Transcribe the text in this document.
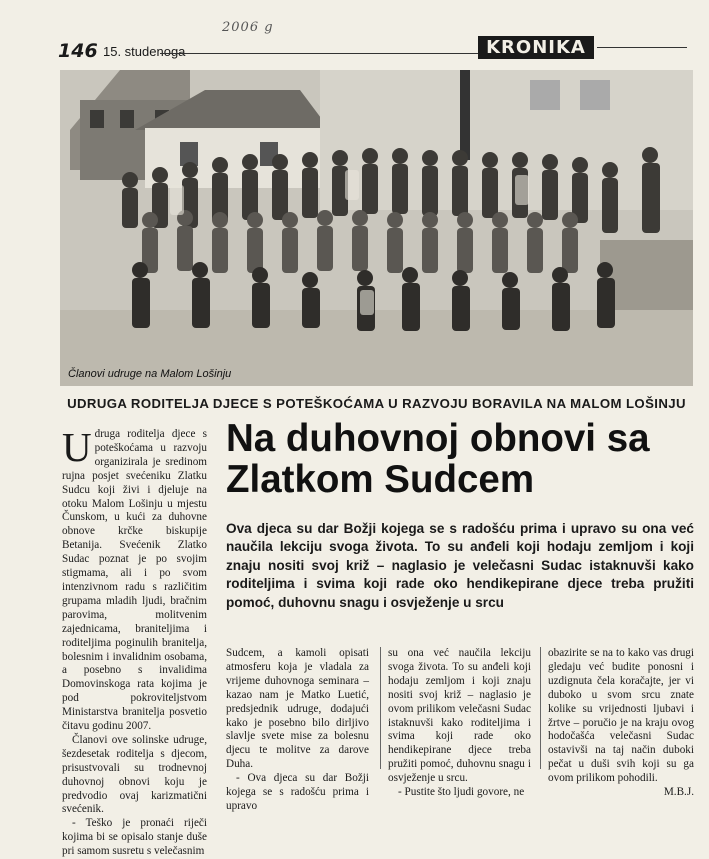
2006 g
146 15. studenoga	KRONIKA
Članovi udruge na Malom Lošinju
UDRUGA RODITELJA DJECE S POTEŠKOĆAMA U RAZVOJU BORAVILA NA MALOM LOŠINJU

Udruga roditelja djece s poteškoćama u razvoju organizirala je sredinom rujna posjet svećeniku Zlatku Sudcu koji živi i djeluje na otoku Malom Lošinju u mjestu Čunskom, u kući za duhovne obnove krčke biskupije Betanija. Svećenik Zlatko Sudac poznat je po svojim stigmama, ali i po svom intenzivnom radu s različitim grupama mladih ljudi, bračnim parovima, molitvenim zajednicama, braniteljima i roditeljima poginulih branitelja, bolesnim i invalidnim osobama, a posebno s invalidima Domovinskoga rata kojima je pod pokroviteljstvom Ministarstva branitelja posvetio čitavu godinu 2007.

Članovi ove solinske udruge, šezdesetak roditelja s djecom, prisustvovali su trodnevnoj duhovnoj obnovi koju je predvodio ovaj karizmatični svećenik.

- Teško je pronaći riječi kojima bi se opisalo stanje duše pri samom susretu s velečasnim

Na duhovnoj obnovi sa Zlatkom Sudcem
Ova djeca su dar Božji kojega se s radošću prima i upravo su ona već naučila lekciju svoga života. To su anđeli koji hodaju zemljom i koji znaju nositi svoj križ – naglasio je velečasni Sudac istaknuvši kako roditeljima i svima koji rade oko hendikepirane djece treba pružiti pomoć, duhovnu snagu i osvježenje u srcu

Sudcem, a kamoli opisati atmosferu koja je vladala za vrijeme duhovnoga seminara – kazao nam je Matko Luetić, predsjednik udruge, dodajući kako je posebno bilo dirljivo slavlje svete mise za bolesnu djecu te molitve za darove Duha.

- Ova djeca su dar Božji kojega se s radošću prima i upravo

su ona već naučila lekciju svoga života. To su anđeli koji hodaju zemljom i koji znaju nositi svoj križ – naglasio je ovom prilikom velečasni Sudac istaknuvši kako roditeljima i svima koji rade oko hendikepirane djece treba pružiti pomoć, duhovnu snagu i osvježenje u srcu.

- Pustite što ljudi govore, ne

obazirite se na to kako vas drugi gledaju već budite ponosni i uzdignuta čela koračajte, jer vi duboko u svom srcu znate kolike su vrijednosti ljubavi i žrtve – poručio je na kraju ovog hodočašća velečasni Sudac ostavivši na taj način duboki pečat u duši svih koji su ga ovom prilikom pohodili.

M.B.J.
